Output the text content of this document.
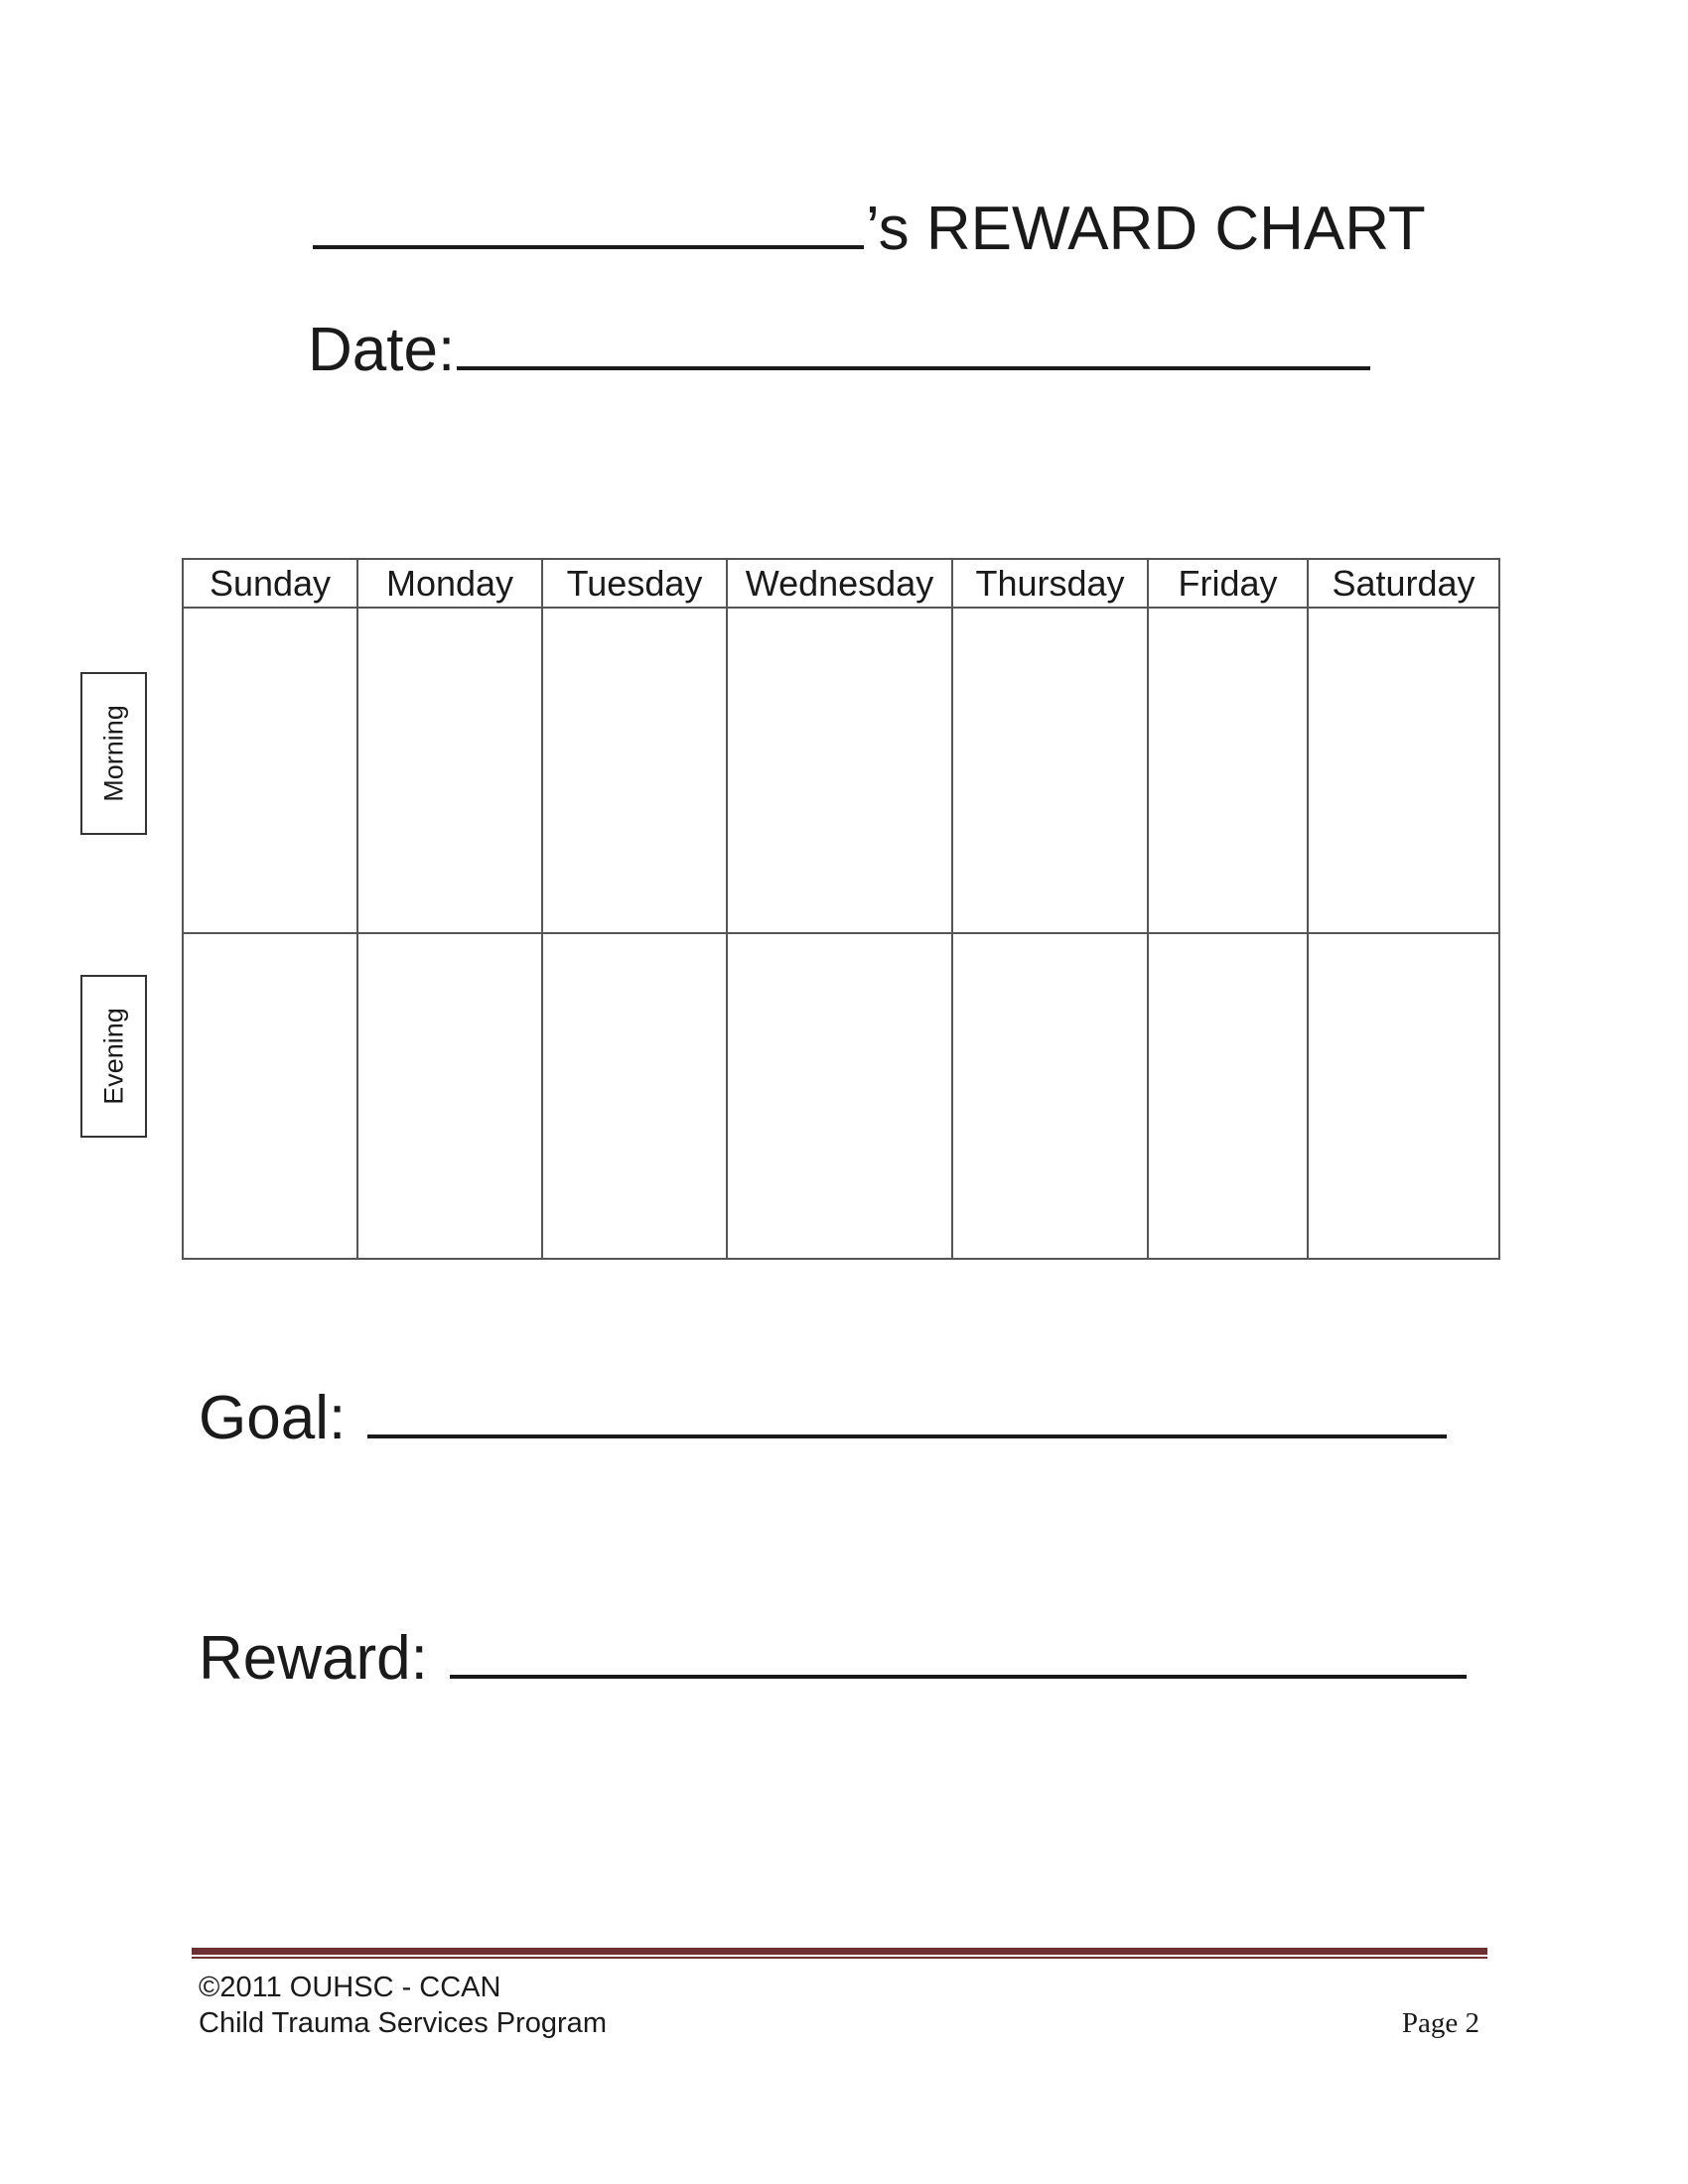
’s REWARD CHART
Date:
Morning
Evening
Sunday	Monday	Tuesday	Wednesday	Thursday	Friday	Saturday

Goal:
Reward:
©2011 OUHSC - CCAN
Child Trauma Services Program	Page 2
